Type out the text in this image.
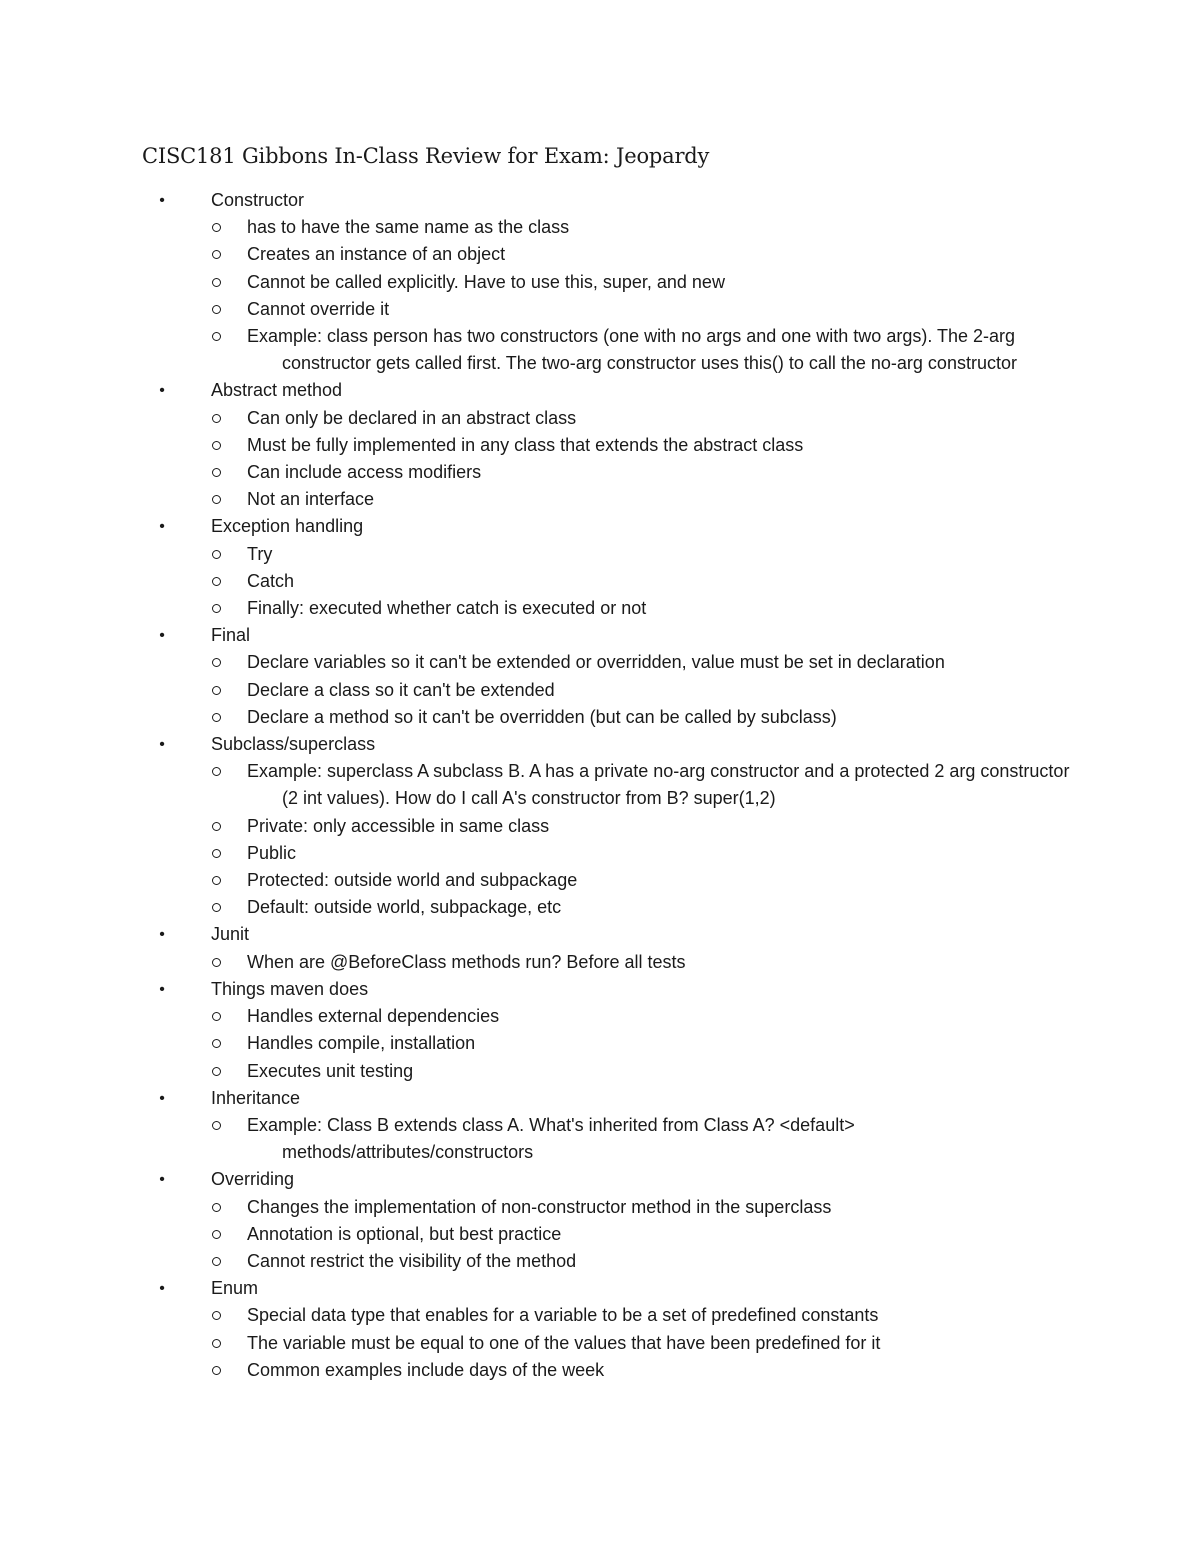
CISC181 Gibbons In-Class Review for Exam: Jeopardy
•	Constructor
has to have the same name as the class
Creates an instance of an object
Cannot be called explicitly. Have to use this, super, and new
Cannot override it
Example: class person has two constructors (one with no args and one with two args). The 2-arg constructor gets called first. The two-arg constructor uses this() to call the no-arg constructor
•	Abstract method
Can only be declared in an abstract class
Must be fully implemented in any class that extends the abstract class
Can include access modifiers
Not an interface
•	Exception handling
Try
Catch
Finally: executed whether catch is executed or not
•	Final
Declare variables so it can't be extended or overridden, value must be set in declaration
Declare a class so it can't be extended
Declare a method so it can't be overridden (but can be called by subclass)
•	Subclass/superclass
Example: superclass A subclass B. A has a private no-arg constructor and a protected 2 arg constructor (2 int values). How do I call A's constructor from B? super(1,2)
Private: only accessible in same class
Public
Protected: outside world and subpackage
Default: outside world, subpackage, etc
•	Junit
When are @BeforeClass methods run? Before all tests
•	Things maven does
Handles external dependencies
Handles compile, installation
Executes unit testing
•	Inheritance
Example: Class B extends class A. What's inherited from Class A? <default> methods/attributes/constructors
•	Overriding
Changes the implementation of non-constructor method in the superclass
Annotation is optional, but best practice
Cannot restrict the visibility of the method
•	Enum
Special data type that enables for a variable to be a set of predefined constants
The variable must be equal to one of the values that have been predefined for it
Common examples include days of the week
